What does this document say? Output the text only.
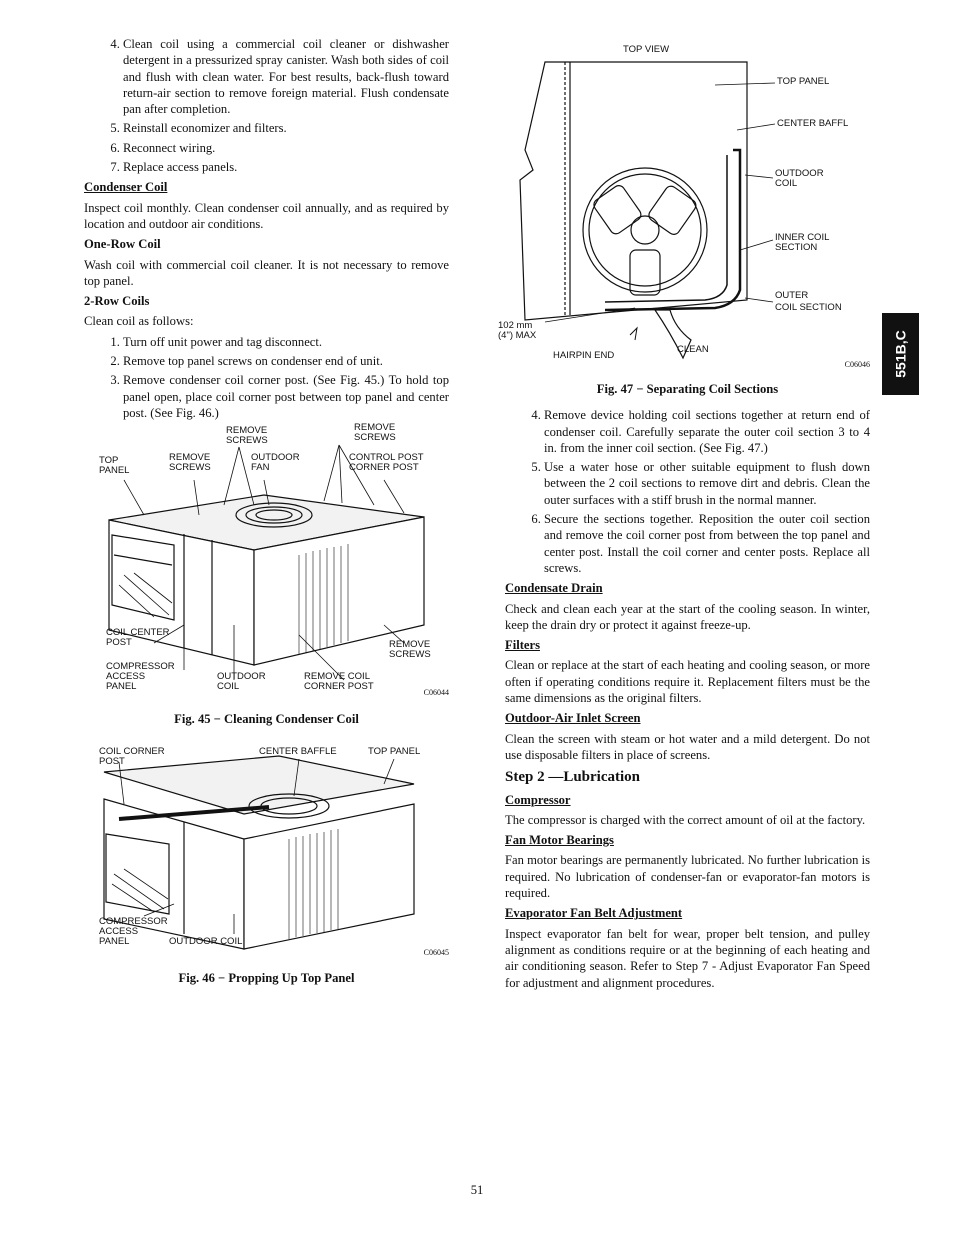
4. Clean coil using a commercial coil cleaner or dishwasher detergent in a pressurized spray canister. Wash both sides of coil and flush with clean water. For best results, back-flush toward return-air section to remove foreign material. Flush condensate pan after completion.
5. Reinstall economizer and filters.
6. Reconnect wiring.
7. Replace access panels.
Condenser Coil

Inspect coil monthly. Clean condenser coil annually, and as required by location and outdoor air conditions.

One-Row Coil

Wash coil with commercial coil cleaner. It is not necessary to remove top panel.

2-Row Coils

Clean coil as follows:

1. Turn off unit power and tag disconnect.
2. Remove top panel screws on condenser end of unit.
3. Remove condenser coil corner post. (See Fig. 45.) To hold top panel open, place coil corner post between top panel and center post. (See Fig. 46.)
REMOVE
SCREWS
REMOVE
SCREWS
TOP
PANEL
REMOVE
SCREWS
OUTDOOR
FAN
CONTROL POST
CORNER POST
COIL CENTER
POST
COMPRESSOR
ACCESS
PANEL
OUTDOOR
COIL
REMOVE COIL
CORNER POST
REMOVE
SCREWS
C06044
Fig. 45 − Cleaning Condenser Coil
COIL CORNER
POST
CENTER BAFFLE	TOP PANEL
COMPRESSOR
ACCESS
PANEL	OUTDOOR COIL
C06045
Fig. 46 − Propping Up Top Panel
TOP VIEW
TOP PANEL
CENTER BAFFL
OUTDOOR
COIL
INNER COIL
SECTION
OUTER
COIL SECTION
102 mm
(4") MAX
HAIRPIN END
CLEAN
C06046
Fig. 47 − Separating Coil Sections
4. Remove device holding coil sections together at return end of condenser coil. Carefully separate the outer coil section 3 to 4 in. from the inner coil section. (See Fig. 47.)
5. Use a water hose or other suitable equipment to flush down between the 2 coil sections to remove dirt and debris. Clean the outer surfaces with a stiff brush in the normal manner.
6. Secure the sections together. Reposition the outer coil section and remove the coil corner post from between the top panel and center post. Install the coil corner and center posts. Replace all screws.
Condensate Drain

Check and clean each year at the start of the cooling season. In winter, keep the drain dry or protect it against freeze-up.

Filters

Clean or replace at the start of each heating and cooling season, or more often if operating conditions require it. Replacement filters must be the same dimensions as the original filters.

Outdoor-Air Inlet Screen

Clean the screen with steam or hot water and a mild detergent. Do not use disposable filters in place of screens.

Step 2 —Lubrication
Compressor

The compressor is charged with the correct amount of oil at the factory.

Fan Motor Bearings

Fan motor bearings are permanently lubricated. No further lubrication is required. No lubrication of condenser-fan or evaporator-fan motors is required.

Evaporator Fan Belt Adjustment

Inspect evaporator fan belt for wear, proper belt tension, and pulley alignment as conditions require or at the beginning of each heating and air conditioning season. Refer to Step 7 - Adjust Evaporator Fan Speed for adjustment and alignment procedures.

551B,C
51
